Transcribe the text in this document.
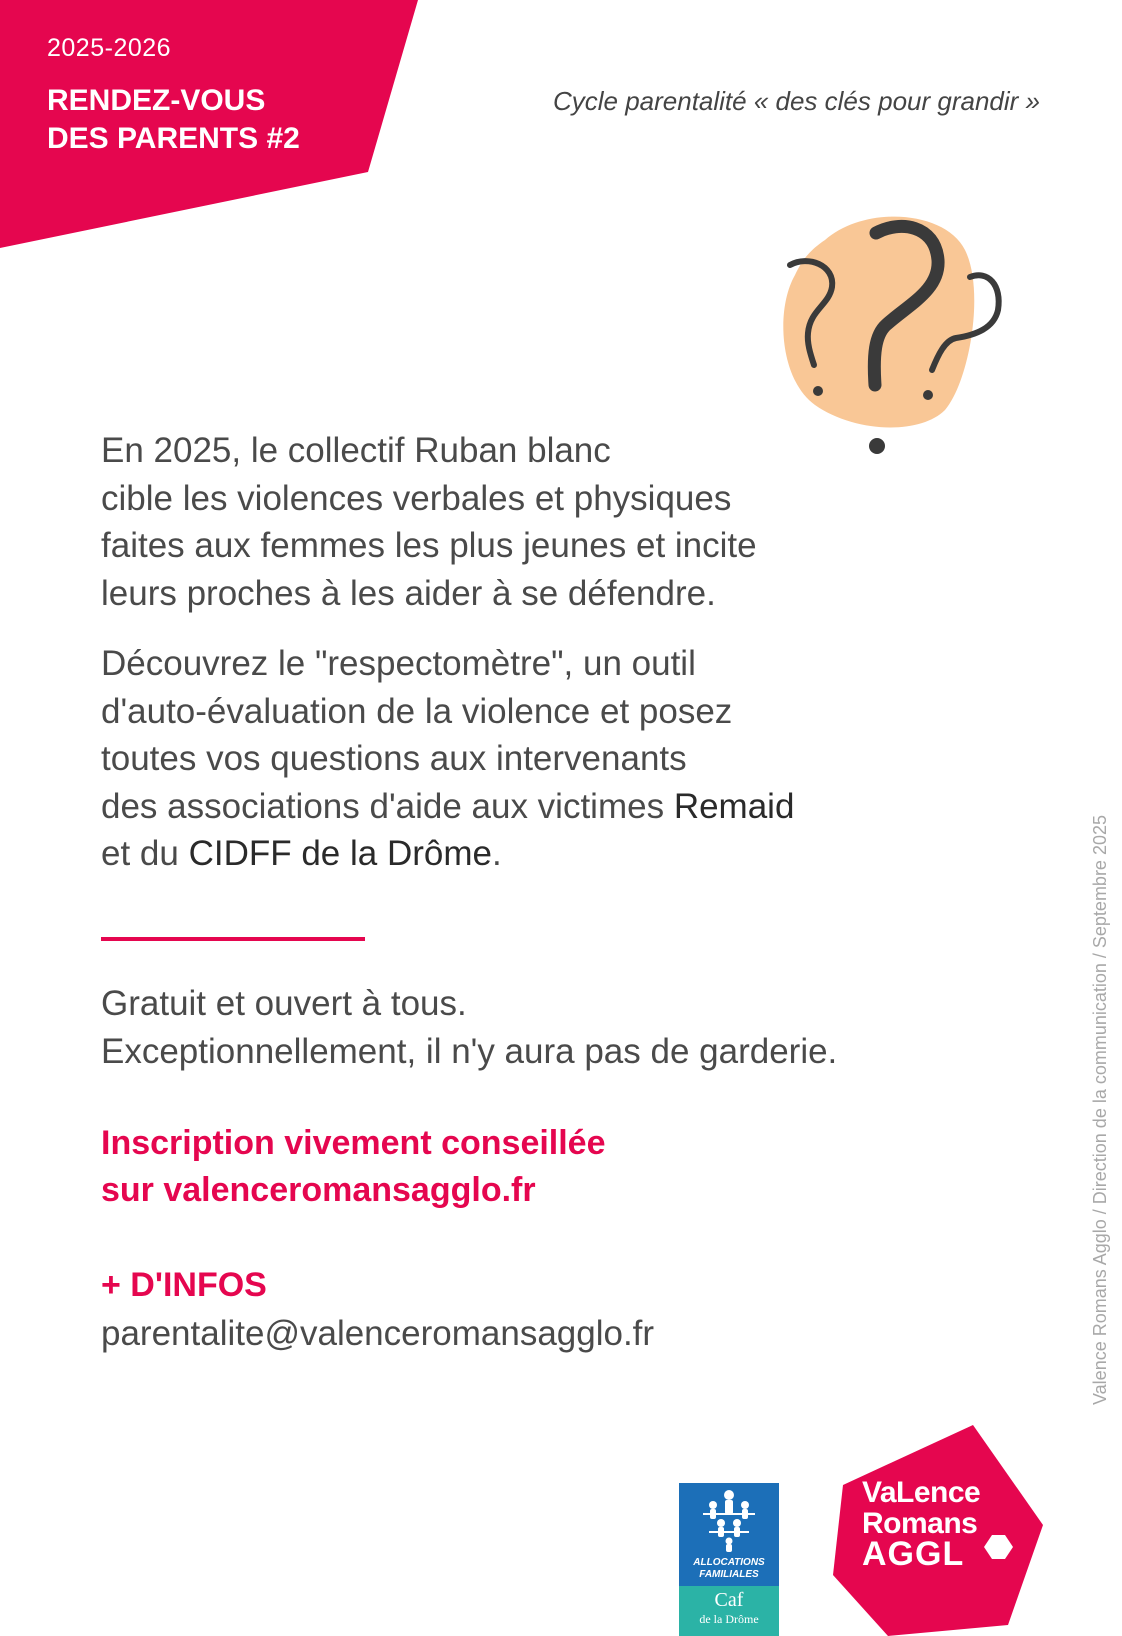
2025-2026
RENDEZ-VOUS
DES PARENTS #2
Cycle parentalité « des clés pour grandir »
En 2025, le collectif Ruban blanc
cible les violences verbales et physiques
faites aux femmes les plus jeunes et incite
leurs proches à les aider à se défendre.
Découvrez le "respectomètre", un outil
d'auto-évaluation de la violence et posez
toutes vos questions aux intervenants
des associations d'aide aux victimes Remaid
et du CIDFF de la Drôme.
Gratuit et ouvert à tous.
Exceptionnellement, il n'y aura pas de garderie.
Inscription vivement conseillée
sur valenceromansagglo.fr
+ D'INFOS
parentalite@valenceromansagglo.fr	Valence Romans Agglo / Direction de la communication / Septembre 2025
ALLOCATIONS
FAMILIALES
Caf
de la Drôme
VaLence
Romans
AGGL
